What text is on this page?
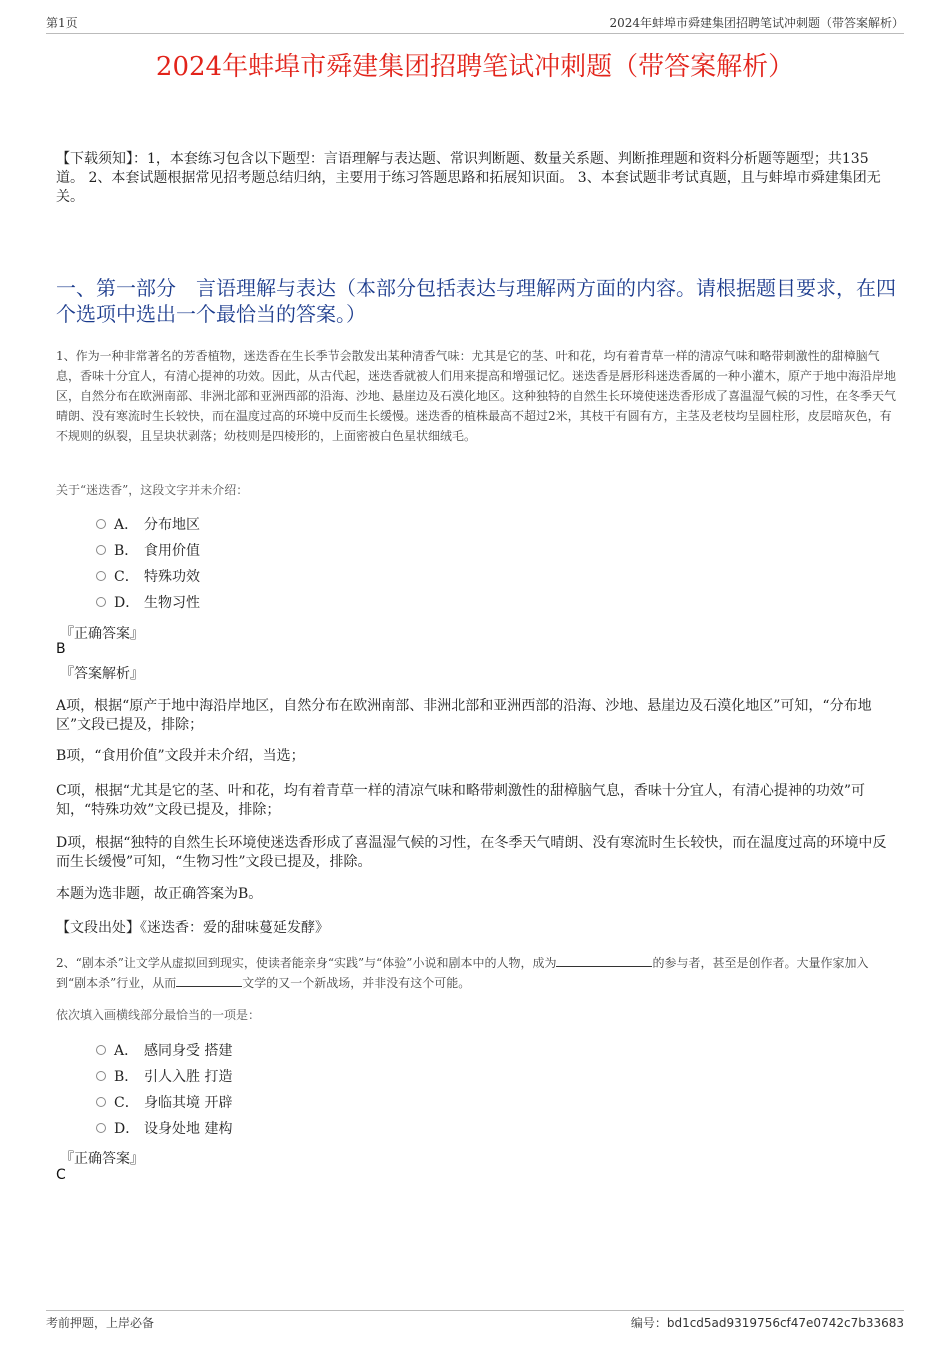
第1页	2024年蚌埠市舜建集团招聘笔试冲刺题（带答案解析）
2024年蚌埠市舜建集团招聘笔试冲刺题（带答案解析）
【下载须知】：1，本套练习包含以下题型：言语理解与表达题、常识判断题、数量关系题、判断推理题和资料分析题等题型；共135道。 2、本套试题根据常见招考题总结归纳，主要用于练习答题思路和拓展知识面。 3、本套试题非考试真题，且与蚌埠市舜建集团无关。
一、第一部分　言语理解与表达（本部分包括表达与理解两方面的内容。请根据题目要求，在四个选项中选出一个最恰当的答案。）
1、作为一种非常著名的芳香植物，迷迭香在生长季节会散发出某种清香气味：尤其是它的茎、叶和花，均有着青草一样的清凉气味和略带刺激性的甜樟脑气息，香味十分宜人，有清心提神的功效。因此，从古代起，迷迭香就被人们用来提高和增强记忆。迷迭香是唇形科迷迭香属的一种小灌木，原产于地中海沿岸地区，自然分布在欧洲南部、非洲北部和亚洲西部的沿海、沙地、悬崖边及石漠化地区。这种独特的自然生长环境使迷迭香形成了喜温湿气候的习性，在冬季天气晴朗、没有寒流时生长较快，而在温度过高的环境中反而生长缓慢。迷迭香的植株最高不超过2米，其枝干有圆有方，主茎及老枝均呈圆柱形，皮层暗灰色，有不规则的纵裂，且呈块状剥落；幼枝则是四棱形的，上面密被白色星状细绒毛。
关于“迷迭香”，这段文字并未介绍：
A． 分布地区
B． 食用价值
C． 特殊功效
D． 生物习性
『正确答案』
B
『答案解析』
A项，根据“原产于地中海沿岸地区，自然分布在欧洲南部、非洲北部和亚洲西部的沿海、沙地、悬崖边及石漠化地区”可知，“分布地区”文段已提及，排除；
B项，“食用价值”文段并未介绍，当选；
C项，根据“尤其是它的茎、叶和花，均有着青草一样的清凉气味和略带刺激性的甜樟脑气息，香味十分宜人，有清心提神的功效”可知，“特殊功效”文段已提及，排除；
D项，根据“独特的自然生长环境使迷迭香形成了喜温湿气候的习性，在冬季天气晴朗、没有寒流时生长较快，而在温度过高的环境中反而生长缓慢”可知，“生物习性”文段已提及，排除。
本题为选非题，故正确答案为B。
【文段出处】《迷迭香：爱的甜味蔓延发酵》
2、“剧本杀”让文学从虚拟回到现实，使读者能亲身“实践”与“体验”小说和剧本中的人物，成为	的参与者，甚至是创作者。大量作家加入到“剧本杀”行业，从而	文学的又一个新战场，并非没有这个可能。
依次填入画横线部分最恰当的一项是：
A． 感同身受 搭建
B． 引人入胜 打造
C． 身临其境 开辟
D． 设身处地 建构
『正确答案』
C
考前押题，上岸必备	编号：bd1cd5ad9319756cf47e0742c7b33683
